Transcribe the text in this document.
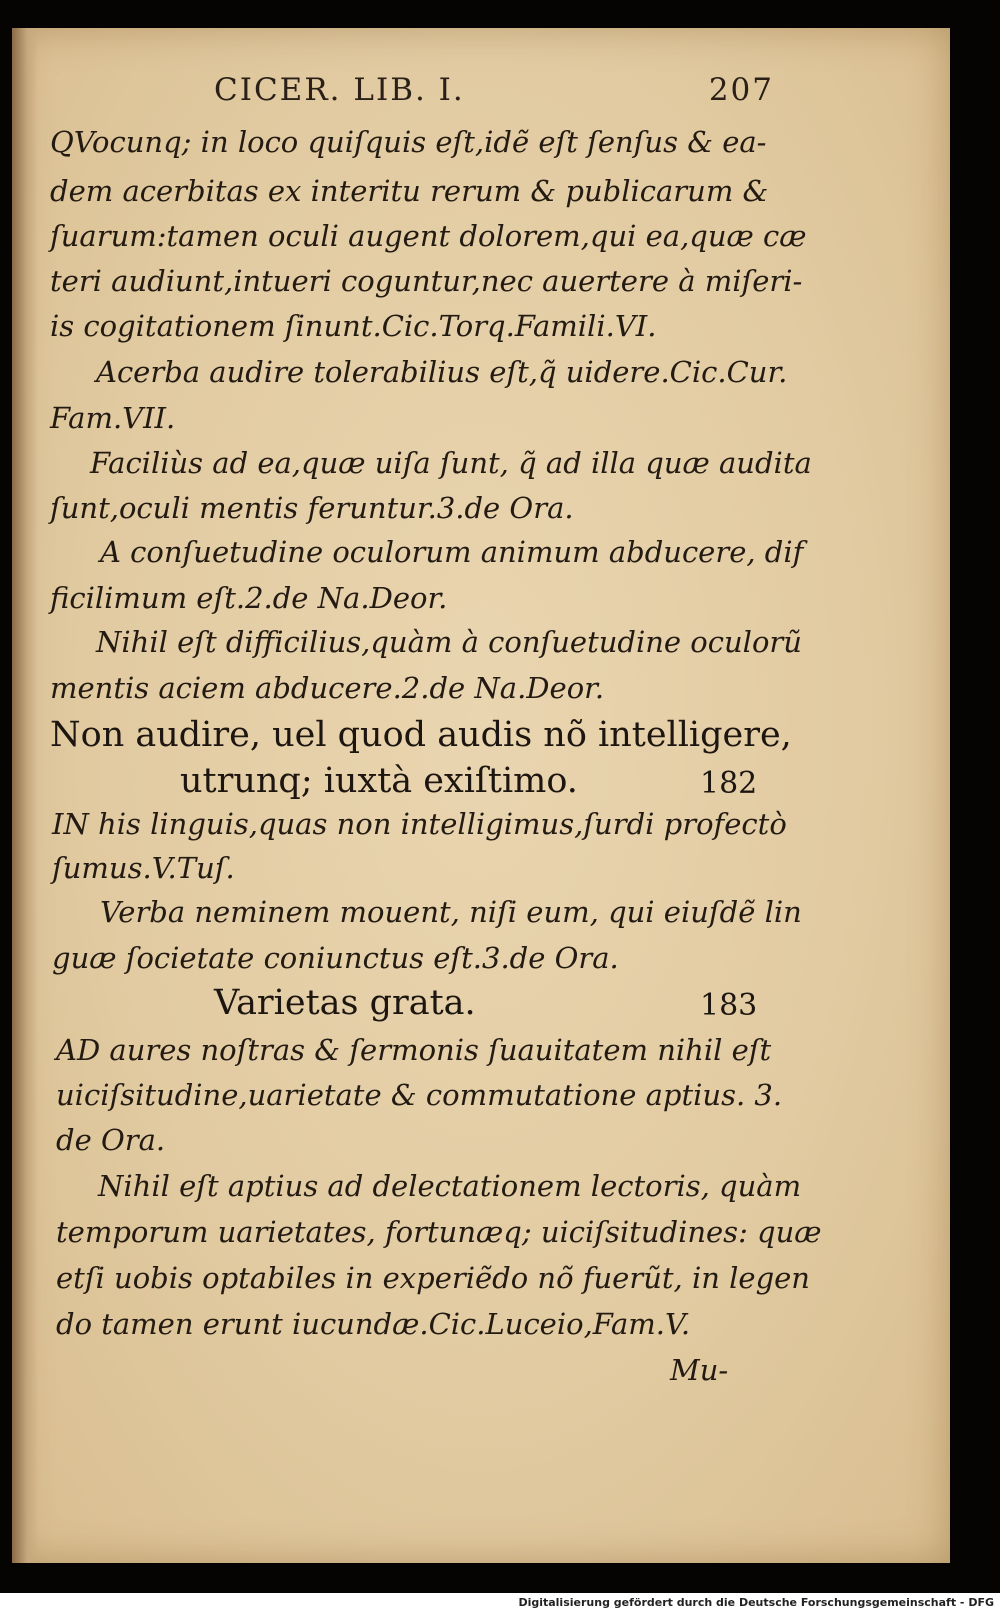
CICER. LIB. I.	207
QVocunq; in loco quiſquis eſt,idẽ eſt ſenſus & ea-
dem acerbitas ex interitu rerum & publicarum &
ſuarum:tamen oculi augent dolorem,qui ea,quæ cæ
teri audiunt,intueri coguntur,nec auertere à miſeri-
is cogitationem ſinunt.Cic.Torq.Famili.VI.
Acerba audire tolerabilius eſt,q̃ uidere.Cic.Cur.
Fam.VII.
Faciliùs ad ea,quæ uiſa ſunt, q̃ ad illa quæ audita
ſunt,oculi mentis feruntur.3.de Ora.
A conſuetudine oculorum animum abducere, dif
ficilimum eſt.2.de Na.Deor.
Nihil eſt difficilius,quàm à conſuetudine oculorũ
mentis aciem abducere.2.de Na.Deor.
Non audire, uel quod audis nõ intelligere,
utrunq; iuxtà exiſtimo.	182
IN his linguis,quas non intelligimus,ſurdi profectò
ſumus.V.Tuſ.
Verba neminem mouent, niſi eum, qui eiuſdẽ lin
guæ ſocietate coniunctus eſt.3.de Ora.
Varietas grata.	183
AD aures noſtras & ſermonis ſuauitatem nihil eſt
uiciſsitudine,uarietate & commutatione aptius. 3.
de Ora.
Nihil eſt aptius ad delectationem lectoris, quàm
temporum uarietates, fortunæq; uiciſsitudines: quæ
etſi uobis optabiles in experiẽdo nõ fuerũt, in legen
do tamen erunt iucundæ.Cic.Luceio,Fam.V.
Mu-
Digitalisierung gefördert durch die Deutsche Forschungsgemeinschaft - DFG
